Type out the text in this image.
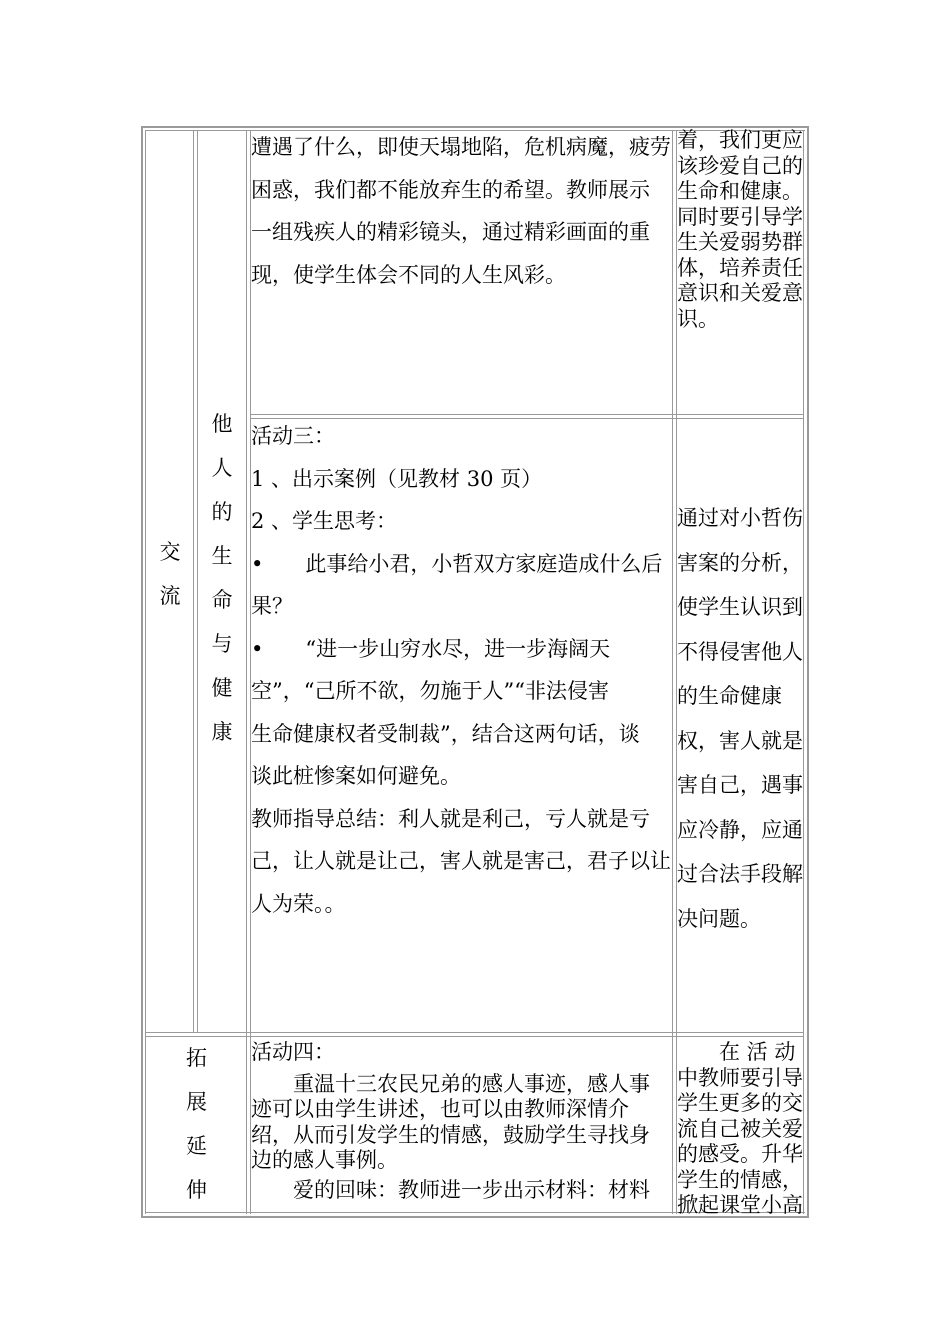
交

流

他

人

的

生

命

与

健

康

拓

展

延

伸

遭遇了什么，即使天塌地陷，危机病魔，疲劳

困惑，我们都不能放弃生的希望。教师展示

一组残疾人的精彩镜头，通过精彩画面的重

现，使学生体会不同的人生风彩。

着，我们更应

该珍爱自己的

生命和健康。

同时要引导学

生关爱弱势群

体，培养责任

意识和关爱意

识。

活动三：

1 、出示案例（见教材 30 页）

2 、学生思考：

•　　此事给小君，小哲双方家庭造成什么后

果？

•　　“进一步山穷水尽，进一步海阔天

空”，“己所不欲，勿施于人”“非法侵害

生命健康权者受制裁”，结合这两句话，谈

谈此桩惨案如何避免。

教师指导总结：利人就是利己，亏人就是亏

己，让人就是让己，害人就是害己，君子以让

人为荣。。

通过对小哲伤

害案的分析，

使学生认识到

不得侵害他人

的生命健康

权，害人就是

害自己，遇事

应冷静，应通

过合法手段解

决问题。

活动四：

　　重温十三农民兄弟的感人事迹，感人事

迹可以由学生讲述，也可以由教师深情介

绍，从而引发学生的情感，鼓励学生寻找身

边的感人事例。

　　爱的回味：教师进一步出示材料：材料

　　在 活 动

中教师要引导

学生更多的交

流自己被关爱

的感受。升华

学生的情感，

掀起课堂小高
